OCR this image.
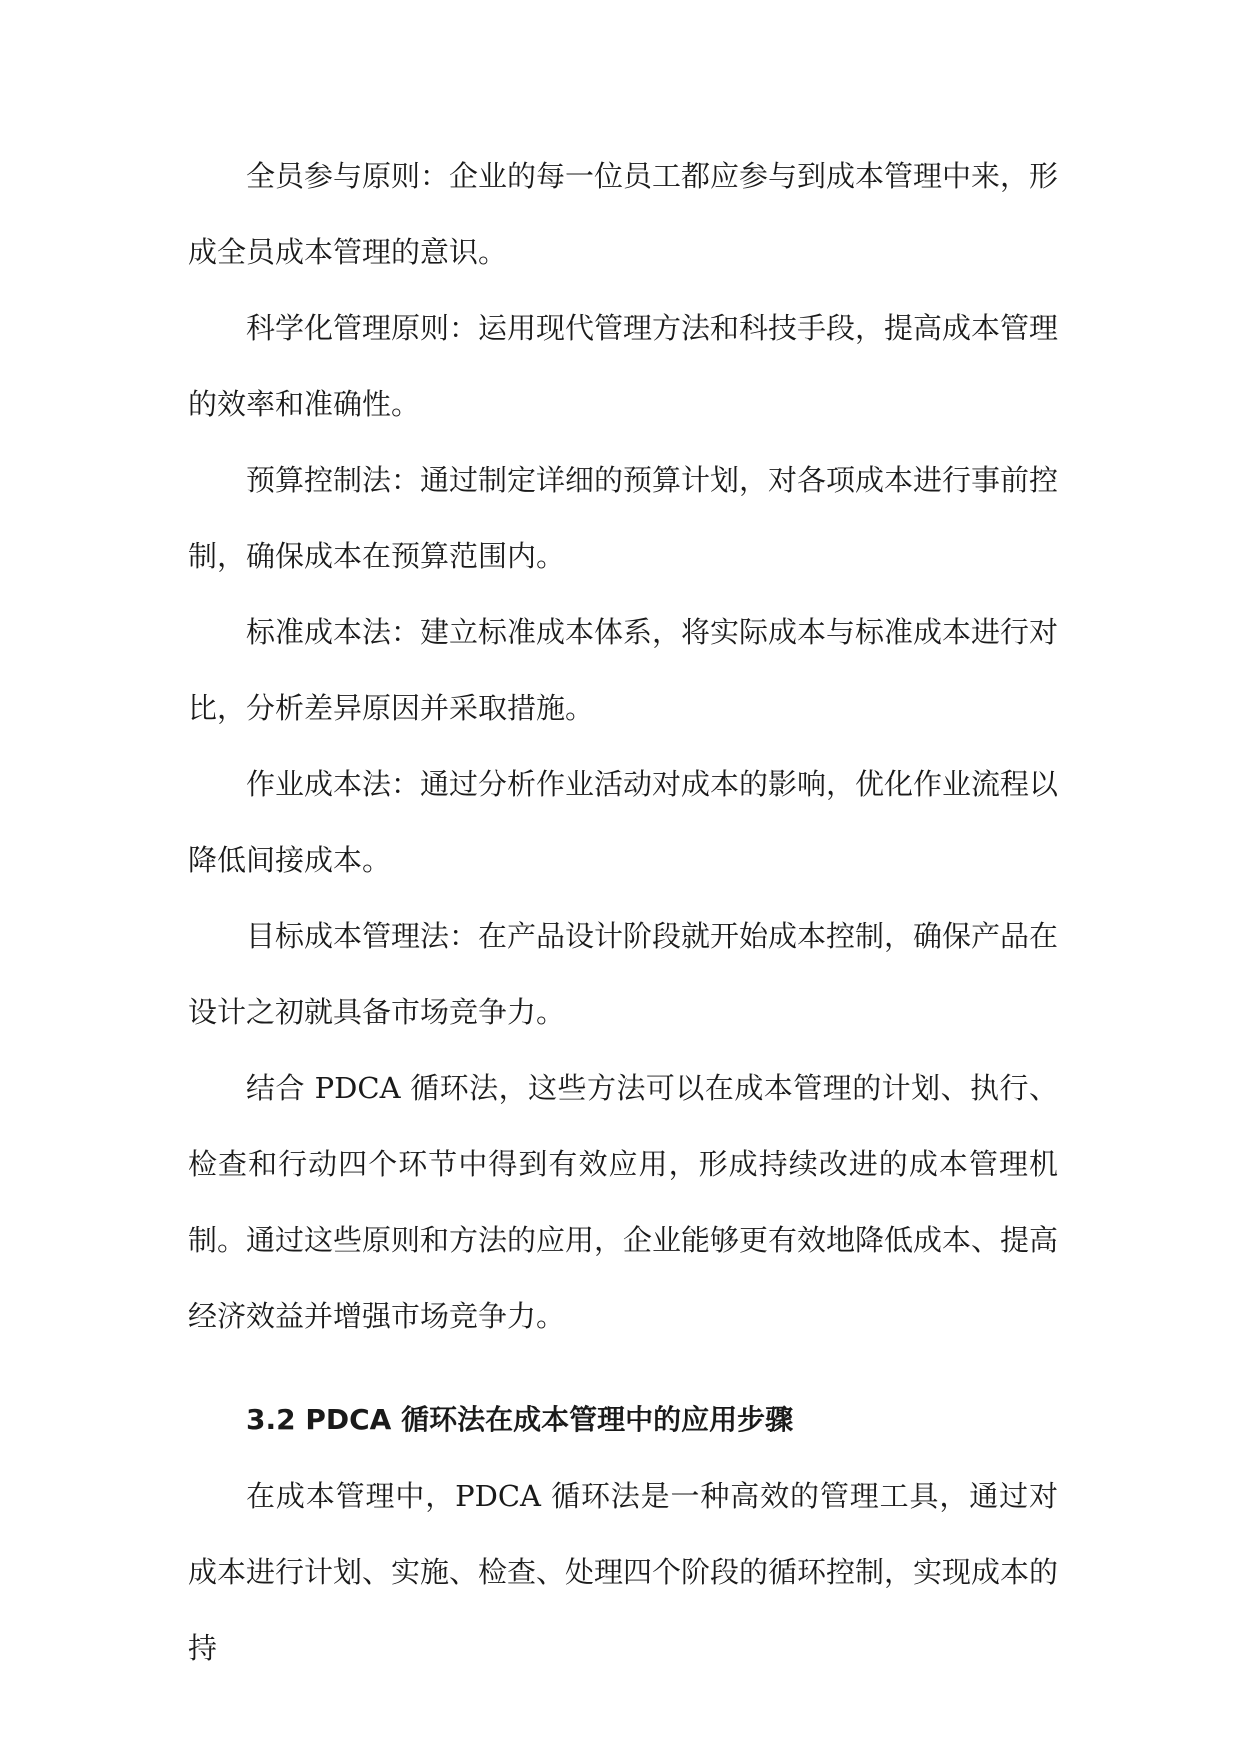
全员参与原则：企业的每一位员工都应参与到成本管理中来，形成全员成本管理的意识。

科学化管理原则：运用现代管理方法和科技手段，提高成本管理的效率和准确性。

预算控制法：通过制定详细的预算计划，对各项成本进行事前控制，确保成本在预算范围内。

标准成本法：建立标准成本体系，将实际成本与标准成本进行对比，分析差异原因并采取措施。

作业成本法：通过分析作业活动对成本的影响，优化作业流程以降低间接成本。

目标成本管理法：在产品设计阶段就开始成本控制，确保产品在设计之初就具备市场竞争力。

结合 PDCA 循环法，这些方法可以在成本管理的计划、执行、检查和行动四个环节中得到有效应用，形成持续改进的成本管理机制。通过这些原则和方法的应用，企业能够更有效地降低成本、提高经济效益并增强市场竞争力。

3.2 PDCA 循环法在成本管理中的应用步骤

在成本管理中，PDCA 循环法是一种高效的管理工具，通过对成本进行计划、实施、检查、处理四个阶段的循环控制，实现成本的持
